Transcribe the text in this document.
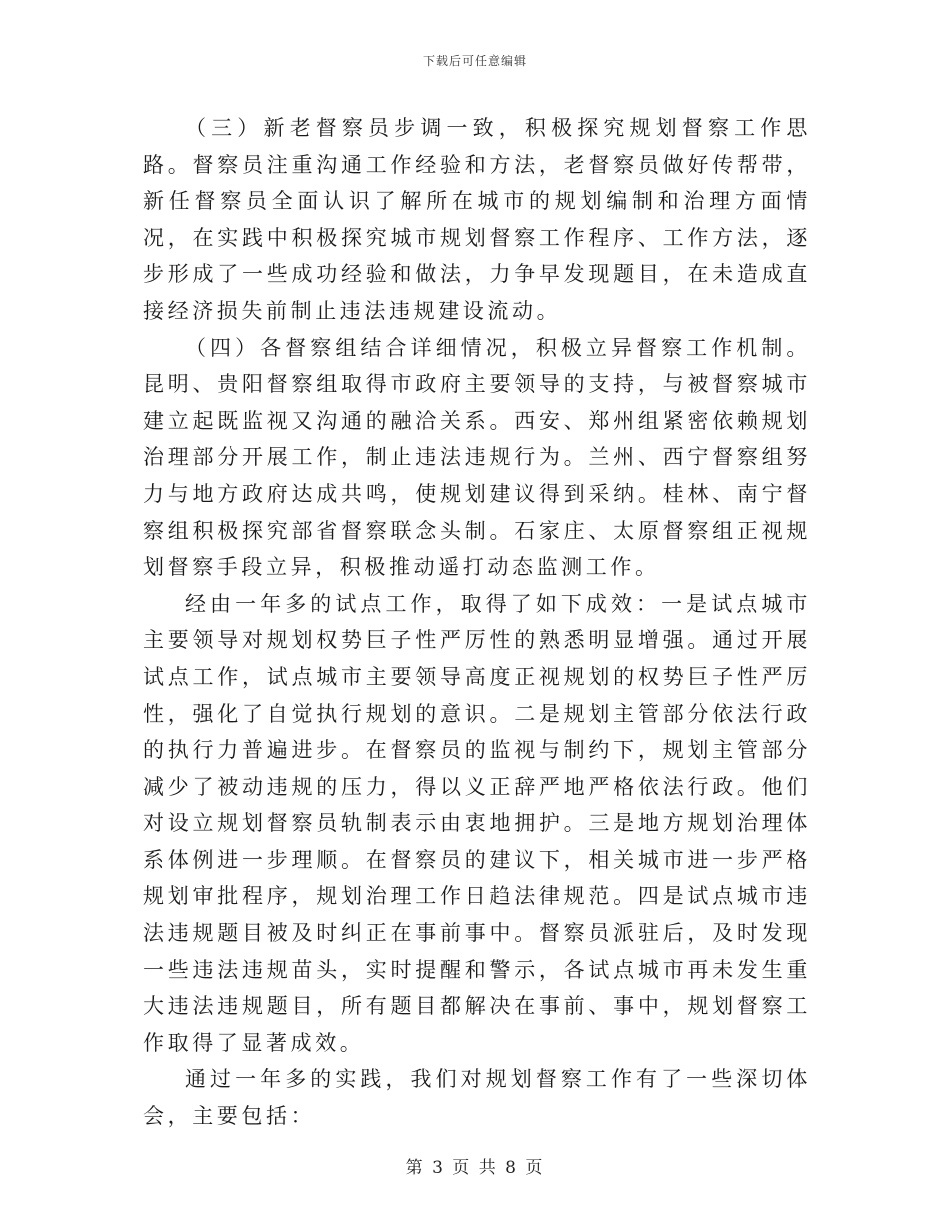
下载后可任意编辑

（三）新老督察员步调一致，积极探究规划督察工作思路。督察员注重沟通工作经验和方法，老督察员做好传帮带，新任督察员全面认识了解所在城市的规划编制和治理方面情况，在实践中积极探究城市规划督察工作程序、工作方法，逐步形成了一些成功经验和做法，力争早发现题目，在未造成直接经济损失前制止违法违规建设流动。

（四）各督察组结合详细情况，积极立异督察工作机制。昆明、贵阳督察组取得市政府主要领导的支持，与被督察城市建立起既监视又沟通的融洽关系。西安、郑州组紧密依赖规划治理部分开展工作，制止违法违规行为。兰州、西宁督察组努力与地方政府达成共鸣，使规划建议得到采纳。桂林、南宁督察组积极探究部省督察联念头制。石家庄、太原督察组正视规划督察手段立异，积极推动遥打动态监测工作。

经由一年多的试点工作，取得了如下成效：一是试点城市主要领导对规划权势巨子性严厉性的熟悉明显增强。通过开展试点工作，试点城市主要领导高度正视规划的权势巨子性严厉性，强化了自觉执行规划的意识。二是规划主管部分依法行政的执行力普遍进步。在督察员的监视与制约下，规划主管部分减少了被动违规的压力，得以义正辞严地严格依法行政。他们对设立规划督察员轨制表示由衷地拥护。三是地方规划治理体系体例进一步理顺。在督察员的建议下，相关城市进一步严格规划审批程序，规划治理工作日趋法律规范。四是试点城市违法违规题目被及时纠正在事前事中。督察员派驻后，及时发现一些违法违规苗头，实时提醒和警示，各试点城市再未发生重大违法违规题目，所有题目都解决在事前、事中，规划督察工作取得了显著成效。

通过一年多的实践，我们对规划督察工作有了一些深切体会，主要包括：

第 3 页 共 8 页
